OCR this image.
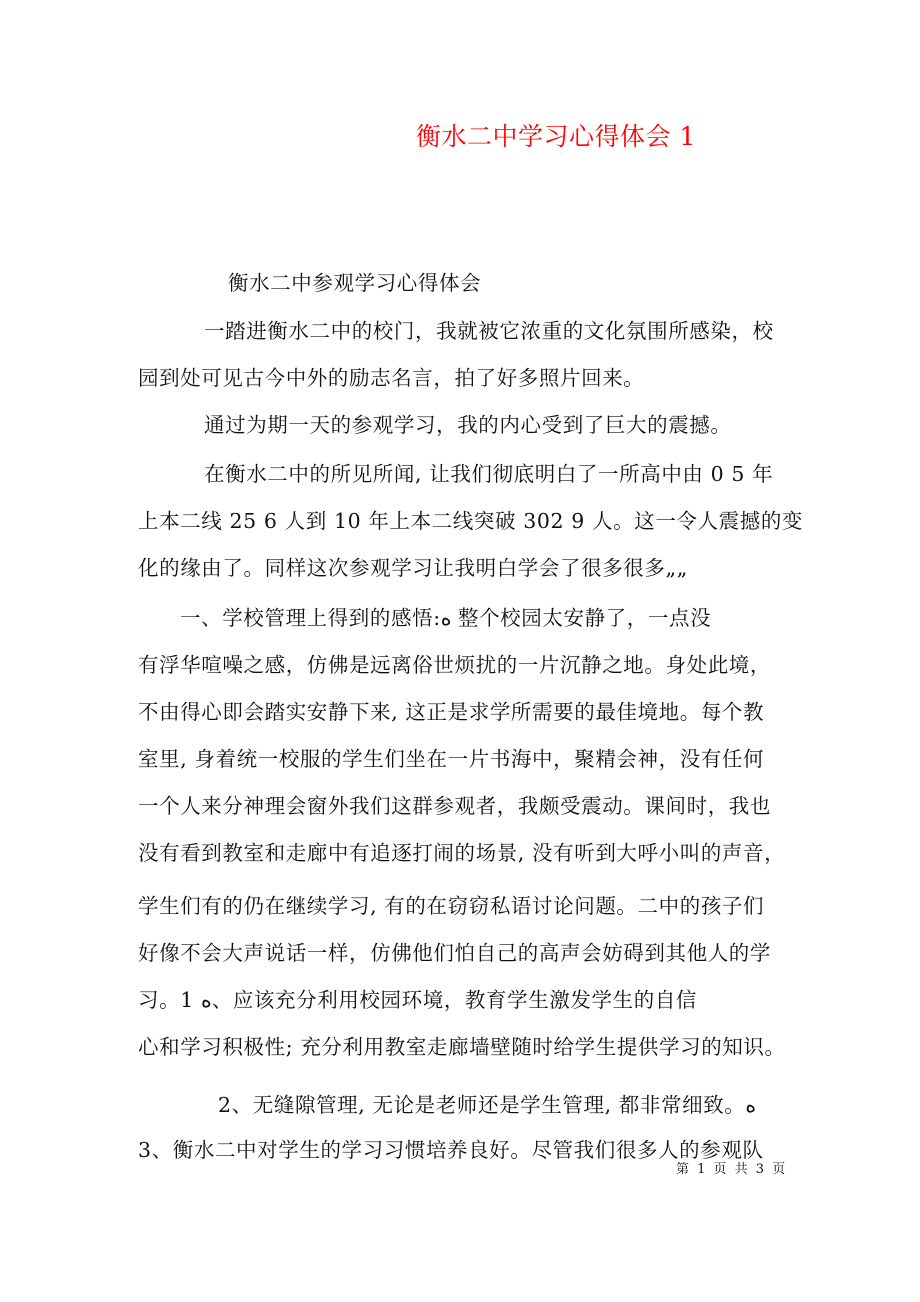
衡水二中学习心得体会 1
衡水二中参观学习心得体会
一踏进衡水二中的校门，我就被它浓重的文化氛围所感染，校
园到处可见古今中外的励志名言，拍了好多照片回来。
通过为期一天的参观学习，我的内心受到了巨大的震撼。
在衡水二中的所见所闻, 让我们彻底明白了一所高中由 0 5 年
上本二线 25 6 人到 10 年上本二线突破 302 9 人。这一令人震撼的变
化的缘由了。同样这次参观学习让我明白学会了很多很多„„
一、学校管理上得到的感悟:ﻩ 整个校园太安静了，一点没
有浮华喧噪之感，仿佛是远离俗世烦扰的一片沉静之地。身处此境，
不由得心即会踏实安静下来, 这正是求学所需要的最佳境地。每个教
室里, 身着统一校服的学生们坐在一片书海中，聚精会神，没有任何
一个人来分神理会窗外我们这群参观者，我颇受震动。课间时，我也
没有看到教室和走廊中有追逐打闹的场景, 没有听到大呼小叫的声音，
学生们有的仍在继续学习, 有的在窃窃私语讨论问题。二中的孩子们
好像不会大声说话一样，仿佛他们怕自己的高声会妨碍到其他人的学
习。1 ﻩ、应该充分利用校园环境，教育学生激发学生的自信
心和学习积极性; 充分利用教室走廊墙壁随时给学生提供学习的知识。
2、无缝隙管理, 无论是老师还是学生管理, 都非常细致。ﻩ
3、衡水二中对学生的学习习惯培养良好。尽管我们很多人的参观队
第 1 页 共 3 页
